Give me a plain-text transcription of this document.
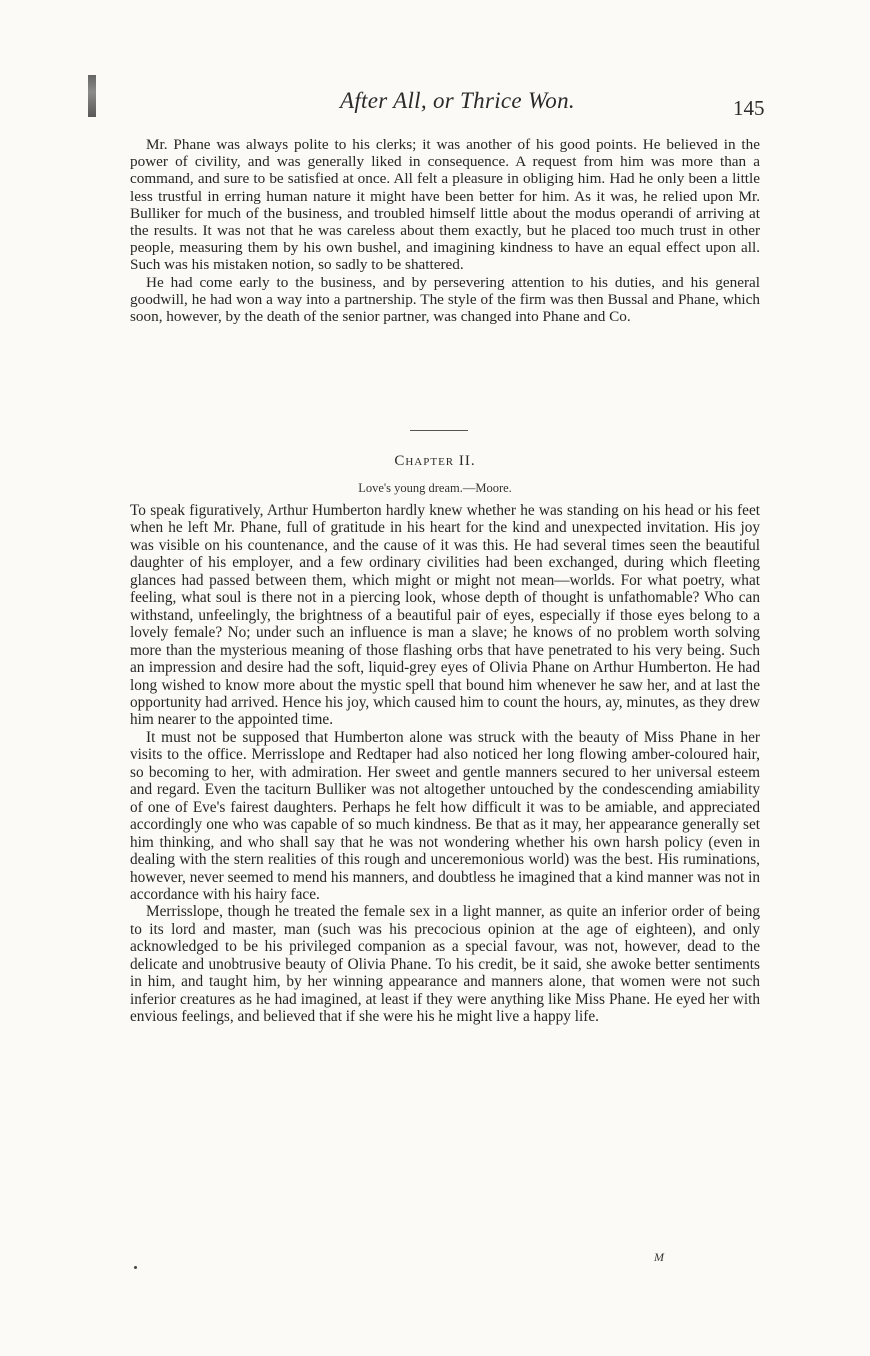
After All, or Thrice Won.	145

Mr. Phane was always polite to his clerks; it was another of his good points. He believed in the power of civility, and was generally liked in consequence. A request from him was more than a command, and sure to be satisfied at once. All felt a pleasure in obliging him. Had he only been a little less trustful in erring human nature it might have been better for him. As it was, he relied upon Mr. Bulliker for much of the business, and troubled himself little about the modus operandi of arriving at the results. It was not that he was careless about them exactly, but he placed too much trust in other people, measuring them by his own bushel, and imagining kindness to have an equal effect upon all. Such was his mistaken notion, so sadly to be shattered.

He had come early to the business, and by persevering attention to his duties, and his general goodwill, he had won a way into a partnership. The style of the firm was then Bussal and Phane, which soon, however, by the death of the senior partner, was changed into Phane and Co.

Chapter II.
Love's young dream.—Moore.

To speak figuratively, Arthur Humberton hardly knew whether he was standing on his head or his feet when he left Mr. Phane, full of gratitude in his heart for the kind and unexpected invitation. His joy was visible on his countenance, and the cause of it was this. He had several times seen the beautiful daughter of his employer, and a few ordinary civilities had been exchanged, during which fleeting glances had passed between them, which might or might not mean—worlds. For what poetry, what feeling, what soul is there not in a piercing look, whose depth of thought is unfathomable? Who can withstand, unfeelingly, the brightness of a beautiful pair of eyes, especially if those eyes belong to a lovely female? No; under such an influence is man a slave; he knows of no problem worth solving more than the mysterious meaning of those flashing orbs that have penetrated to his very being. Such an impression and desire had the soft, liquid-grey eyes of Olivia Phane on Arthur Humberton. He had long wished to know more about the mystic spell that bound him whenever he saw her, and at last the opportunity had arrived. Hence his joy, which caused him to count the hours, ay, minutes, as they drew him nearer to the appointed time.

It must not be supposed that Humberton alone was struck with the beauty of Miss Phane in her visits to the office. Merrisslope and Redtaper had also noticed her long flowing amber-coloured hair, so becoming to her, with admiration. Her sweet and gentle manners secured to her universal esteem and regard. Even the taciturn Bulliker was not altogether untouched by the condescending amiability of one of Eve's fairest daughters. Perhaps he felt how difficult it was to be amiable, and appreciated accordingly one who was capable of so much kindness. Be that as it may, her appearance generally set him thinking, and who shall say that he was not wondering whether his own harsh policy (even in dealing with the stern realities of this rough and unceremonious world) was the best. His ruminations, however, never seemed to mend his manners, and doubtless he imagined that a kind manner was not in accordance with his hairy face.

Merrisslope, though he treated the female sex in a light manner, as quite an inferior order of being to its lord and master, man (such was his precocious opinion at the age of eighteen), and only acknowledged to be his privileged companion as a special favour, was not, however, dead to the delicate and unobtrusive beauty of Olivia Phane. To his credit, be it said, she awoke better sentiments in him, and taught him, by her winning appearance and manners alone, that women were not such inferior creatures as he had imagined, at least if they were anything like Miss Phane. He eyed her with envious feelings, and believed that if she were his he might live a happy life.

M
